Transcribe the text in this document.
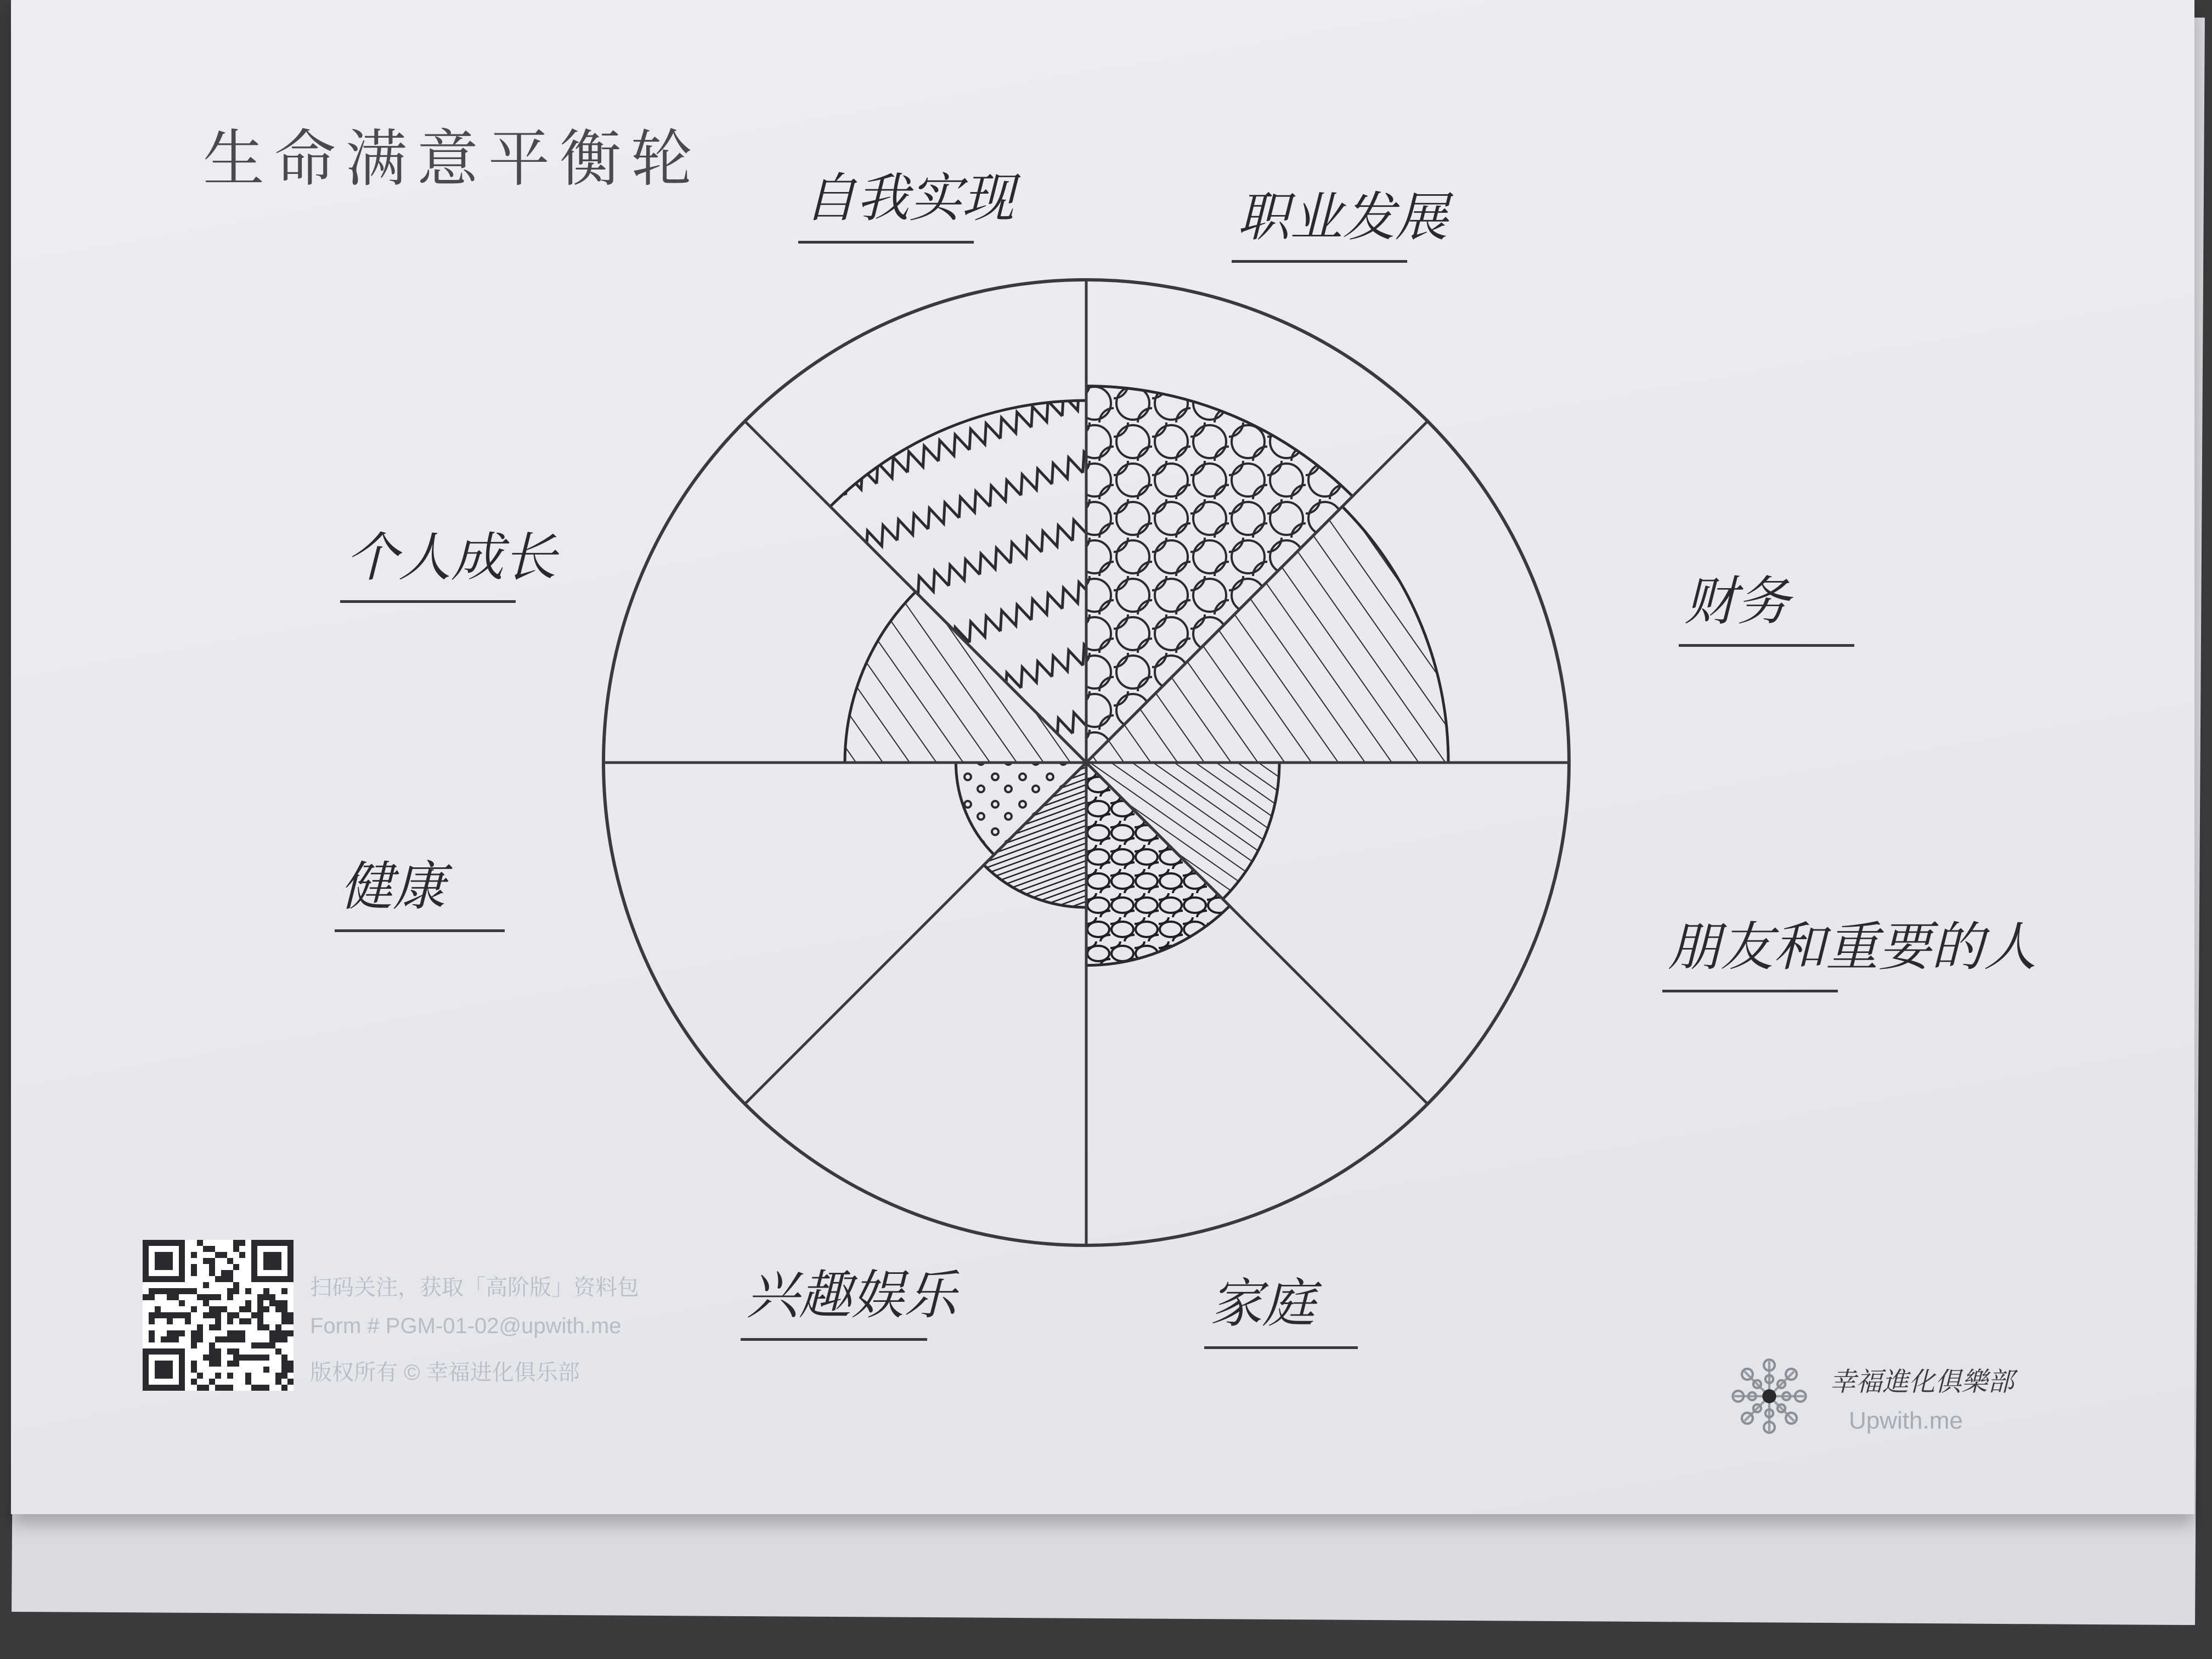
生命满意平衡轮
自我实现	职业发展
财务
朋友和重要的人
家庭
兴趣娱乐
健康
个人成长
扫码关注，获取「高阶版」资料包
Form # PGM-01-02@upwith.me
版权所有 © 幸福进化俱乐部	幸福進化俱樂部
Upwith.me
